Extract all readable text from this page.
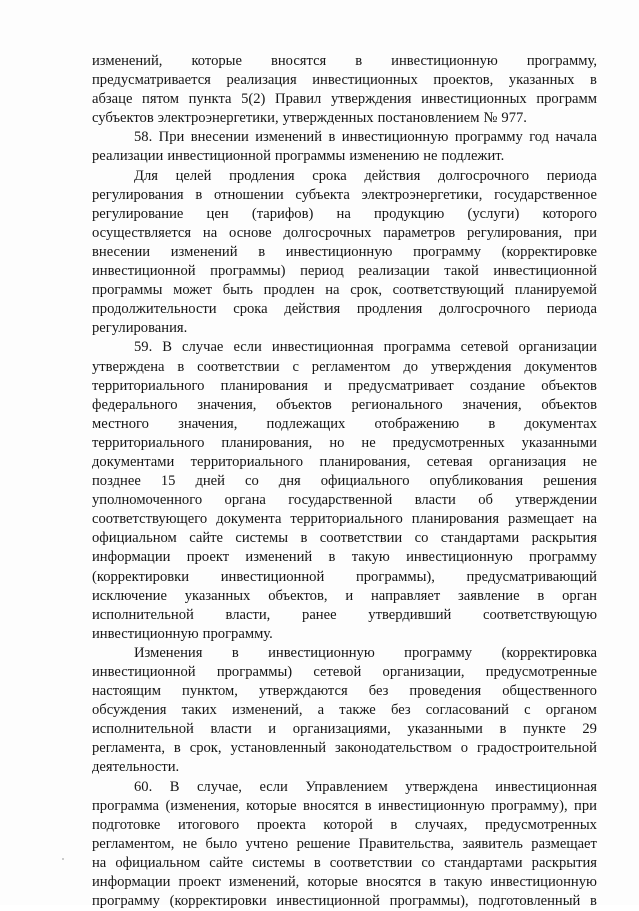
изменений, которые вносятся в инвестиционную программу,
предусматривается реализация инвестиционных проектов, указанных в
абзаце пятом пункта 5(2) Правил утверждения инвестиционных программ
субъектов электроэнергетики, утвержденных постановлением № 977.
58. При внесении изменений в инвестиционную программу год начала
реализации инвестиционной программы изменению не подлежит.
Для целей продления срока действия долгосрочного периода
регулирования в отношении субъекта электроэнергетики, государственное
регулирование цен (тарифов) на продукцию (услуги) которого
осуществляется на основе долгосрочных параметров регулирования, при
внесении изменений в инвестиционную программу (корректировке
инвестиционной программы) период реализации такой инвестиционной
программы может быть продлен на срок, соответствующий планируемой
продолжительности срока действия продления долгосрочного периода
регулирования.
59. В случае если инвестиционная программа сетевой организации
утверждена в соответствии с регламентом до утверждения документов
территориального планирования и предусматривает создание объектов
федерального значения, объектов регионального значения, объектов
местного значения, подлежащих отображению в документах
территориального планирования, но не предусмотренных указанными
документами территориального планирования, сетевая организация не
позднее 15 дней со дня официального опубликования решения
уполномоченного органа государственной власти об утверждении
соответствующего документа территориального планирования размещает на
официальном сайте системы в соответствии со стандартами раскрытия
информации проект изменений в такую инвестиционную программу
(корректировки инвестиционной программы), предусматривающий
исключение указанных объектов, и направляет заявление в орган
исполнительной власти, ранее утвердивший соответствующую
инвестиционную программу.
Изменения в инвестиционную программу (корректировка
инвестиционной программы) сетевой организации, предусмотренные
настоящим пунктом, утверждаются без проведения общественного
обсуждения таких изменений, а также без согласований с органом
исполнительной власти и организациями, указанными в пункте 29
регламента, в срок, установленный законодательством о градостроительной
деятельности.
60. В случае, если Управлением утверждена инвестиционная
программа (изменения, которые вносятся в инвестиционную программу), при
подготовке итогового проекта которой в случаях, предусмотренных
регламентом, не было учтено решение Правительства, заявитель размещает
на официальном сайте системы в соответствии со стандартами раскрытия
информации проект изменений, которые вносятся в такую инвестиционную
программу (корректировки инвестиционной программы), подготовленный в
